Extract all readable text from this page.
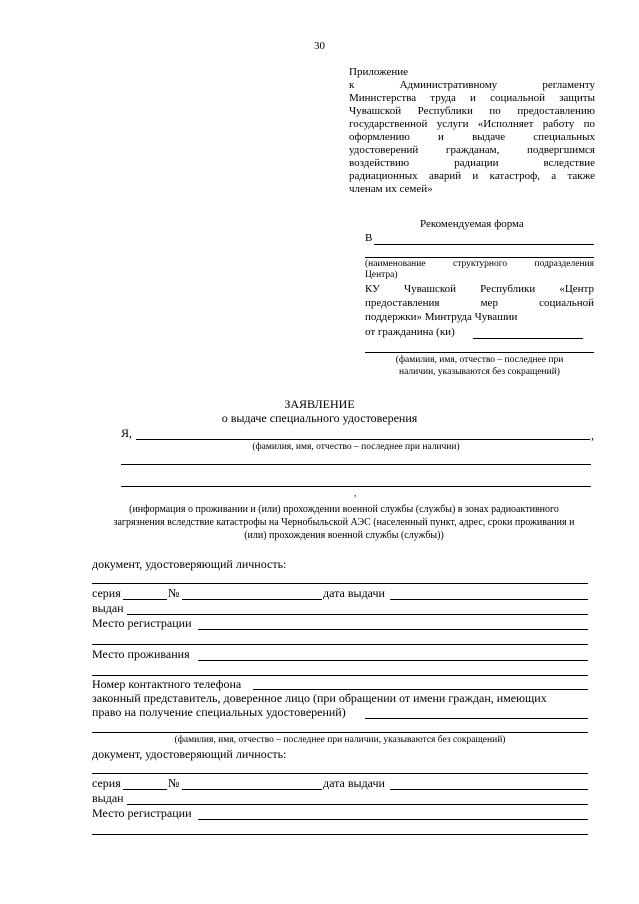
30
Приложение
к Административному регламенту
Министерства труда и социальной защиты
Чувашской Республики по предоставлению
государственной услуги «Исполняет работу по
оформлению и выдаче специальных
удостоверений гражданам, подвергшимся
воздействию радиации вследствие
радиационных аварий и катастроф, а также
членам их семей»
Рекомендуемая форма
В
(наименование структурного подразделения
Центра)
КУ Чувашской Республики «Центр
предоставления мер социальной
поддержки» Минтруда Чувашии
от гражданина (ки)
(фамилия, имя, отчество – последнее при
наличии, указываются без сокращений)
ЗАЯВЛЕНИЕ
о выдаче специального удостоверения
Я,	,
(фамилия, имя, отчество – последнее при наличии)
,
(информация о проживании и (или) прохождении военной службы (службы) в зонах радиоактивного
загрязнения вследствие катастрофы на Чернобыльской АЭС (населенный пункт, адрес, сроки проживания и
(или) прохождения военной службы (службы))
документ, удостоверяющий личность:
серия	№	дата выдачи
выдан
Место регистрации
Место проживания
Номер контактного телефона
законный представитель, доверенное лицо (при обращении от имени граждан, имеющих
право на получение специальных удостоверений)
(фамилия, имя, отчество – последнее при наличии, указываются без сокращений)
документ, удостоверяющий личность:
серия	№	дата выдачи
выдан
Место регистрации
